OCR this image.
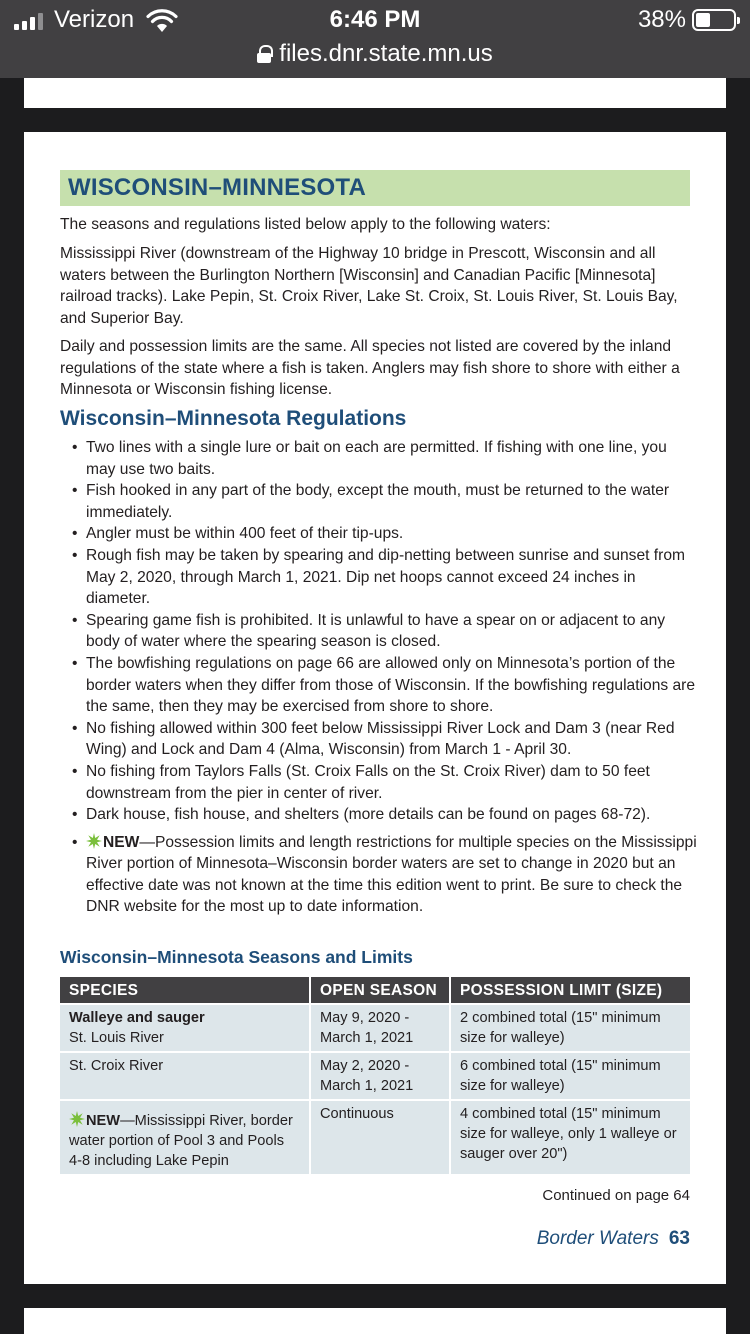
Verizon	6:46 PM	38%
files.dnr.state.mn.us
WISCONSIN–MINNESOTA

The seasons and regulations listed below apply to the following waters:

Mississippi River (downstream of the Highway 10 bridge in Prescott, Wisconsin and all waters between the Burlington Northern [Wisconsin] and Canadian Pacific [Minnesota] railroad tracks). Lake Pepin, St. Croix River, Lake St. Croix, St. Louis River, St. Louis Bay, and Superior Bay.

Daily and possession limits are the same. All species not listed are covered by the inland regulations of the state where a fish is taken. Anglers may fish shore to shore with either a Minnesota or Wisconsin fishing license.

Wisconsin–Minnesota Regulations
• Two lines with a single lure or bait on each are permitted. If fishing with one line, you may use two baits.
• Fish hooked in any part of the body, except the mouth, must be returned to the water immediately.
• Angler must be within 400 feet of their tip-ups.
• Rough fish may be taken by spearing and dip-netting between sunrise and sunset from May 2, 2020, through March 1, 2021. Dip net hoops cannot exceed 24 inches in diameter.
• Spearing game fish is prohibited. It is unlawful to have a spear on or adjacent to any body of water where the spearing season is closed.
• The bowfishing regulations on page 66 are allowed only on Minnesota’s portion of the border waters when they differ from those of Wisconsin. If the bowfishing regulations are the same, then they may be exercised from shore to shore.
• No fishing allowed within 300 feet below Mississippi River Lock and Dam 3 (near Red Wing) and Lock and Dam 4 (Alma, Wisconsin) from March 1 - April 30.
• No fishing from Taylors Falls (St. Croix Falls on the St. Croix River) dam to 50 feet downstream from the pier in center of river.
• Dark house, fish house, and shelters (more details can be found on pages 68-72).
• NEW—Possession limits and length restrictions for multiple species on the Mississippi River portion of Minnesota–Wisconsin border waters are set to change in 2020 but an effective date was not known at the time this edition went to print. Be sure to check the DNR website for the most up to date information.
Wisconsin–Minnesota Seasons and Limits
SPECIES	OPEN SEASON	POSSESSION LIMIT (SIZE)
Walleye and sauger
St. Louis River	May 9, 2020 - March 1, 2021	2 combined total (15" minimum size for walleye)
St. Croix River	May 2, 2020 - March 1, 2021	6 combined total (15" minimum size for walleye)
NEW—Mississippi River, border water portion of Pool 3 and Pools 4-8 including Lake Pepin	Continuous	4 combined total (15" minimum size for walleye, only 1 walleye or sauger over 20")
Continued on page 64
Border Waters 63
